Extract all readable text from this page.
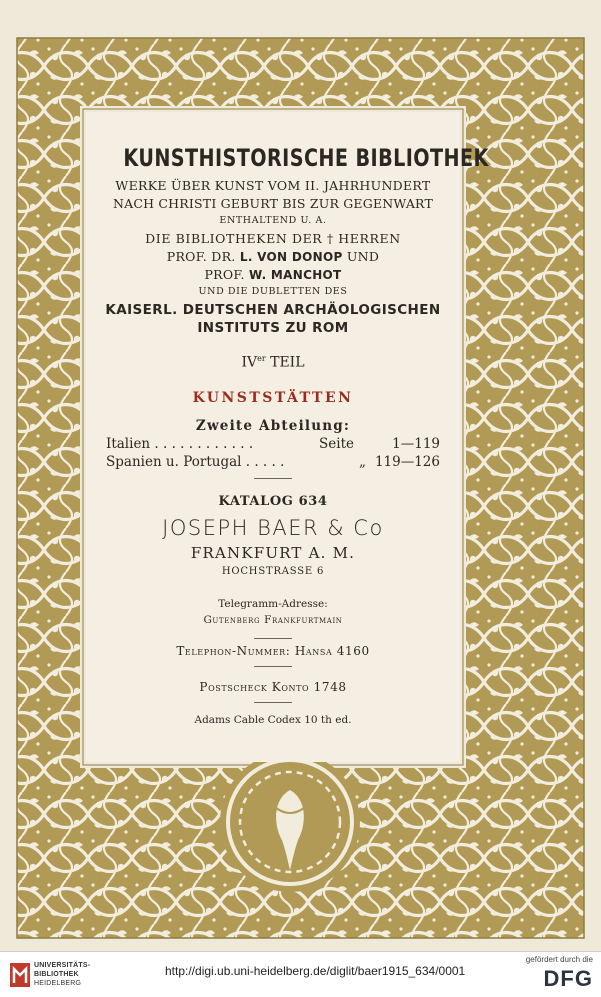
KUNSTHISTORISCHE BIBLIOTHEK
WERKE ÜBER KUNST VOM II. JAHRHUNDERT
NACH CHRISTI GEBURT BIS ZUR GEGENWART
ENTHALTEND U. A.
DIE BIBLIOTHEKEN DER † HERREN
PROF. DR. L. VON DONOP UND
PROF. W. MANCHOT
UND DIE DUBLETTEN DES
KAISERL. DEUTSCHEN ARCHÄOLOGISCHEN
INSTITUTS ZU ROM
IVer TEIL
KUNSTSTÄTTEN
Zweite Abteilung:
Italien . . . . . . . . . . . .	Seite	1—119
Spanien u. Portugal . . . . .	„ 119—126
KATALOG 634
JOSEPH BAER & Co
FRANKFURT A. M.
HOCHSTRASSE 6
Telegramm-Adresse:
Gutenberg Frankfurtmain
Telephon-Nummer: Hansa 4160
Postscheck Konto 1748
Adams Cable Codex 10 th ed.
UNIVERSITÄTS-
BIBLIOTHEK
HEIDELBERG
http://digi.ub.uni-heidelberg.de/diglit/baer1915_634/0001
gefördert durch die
DFG
